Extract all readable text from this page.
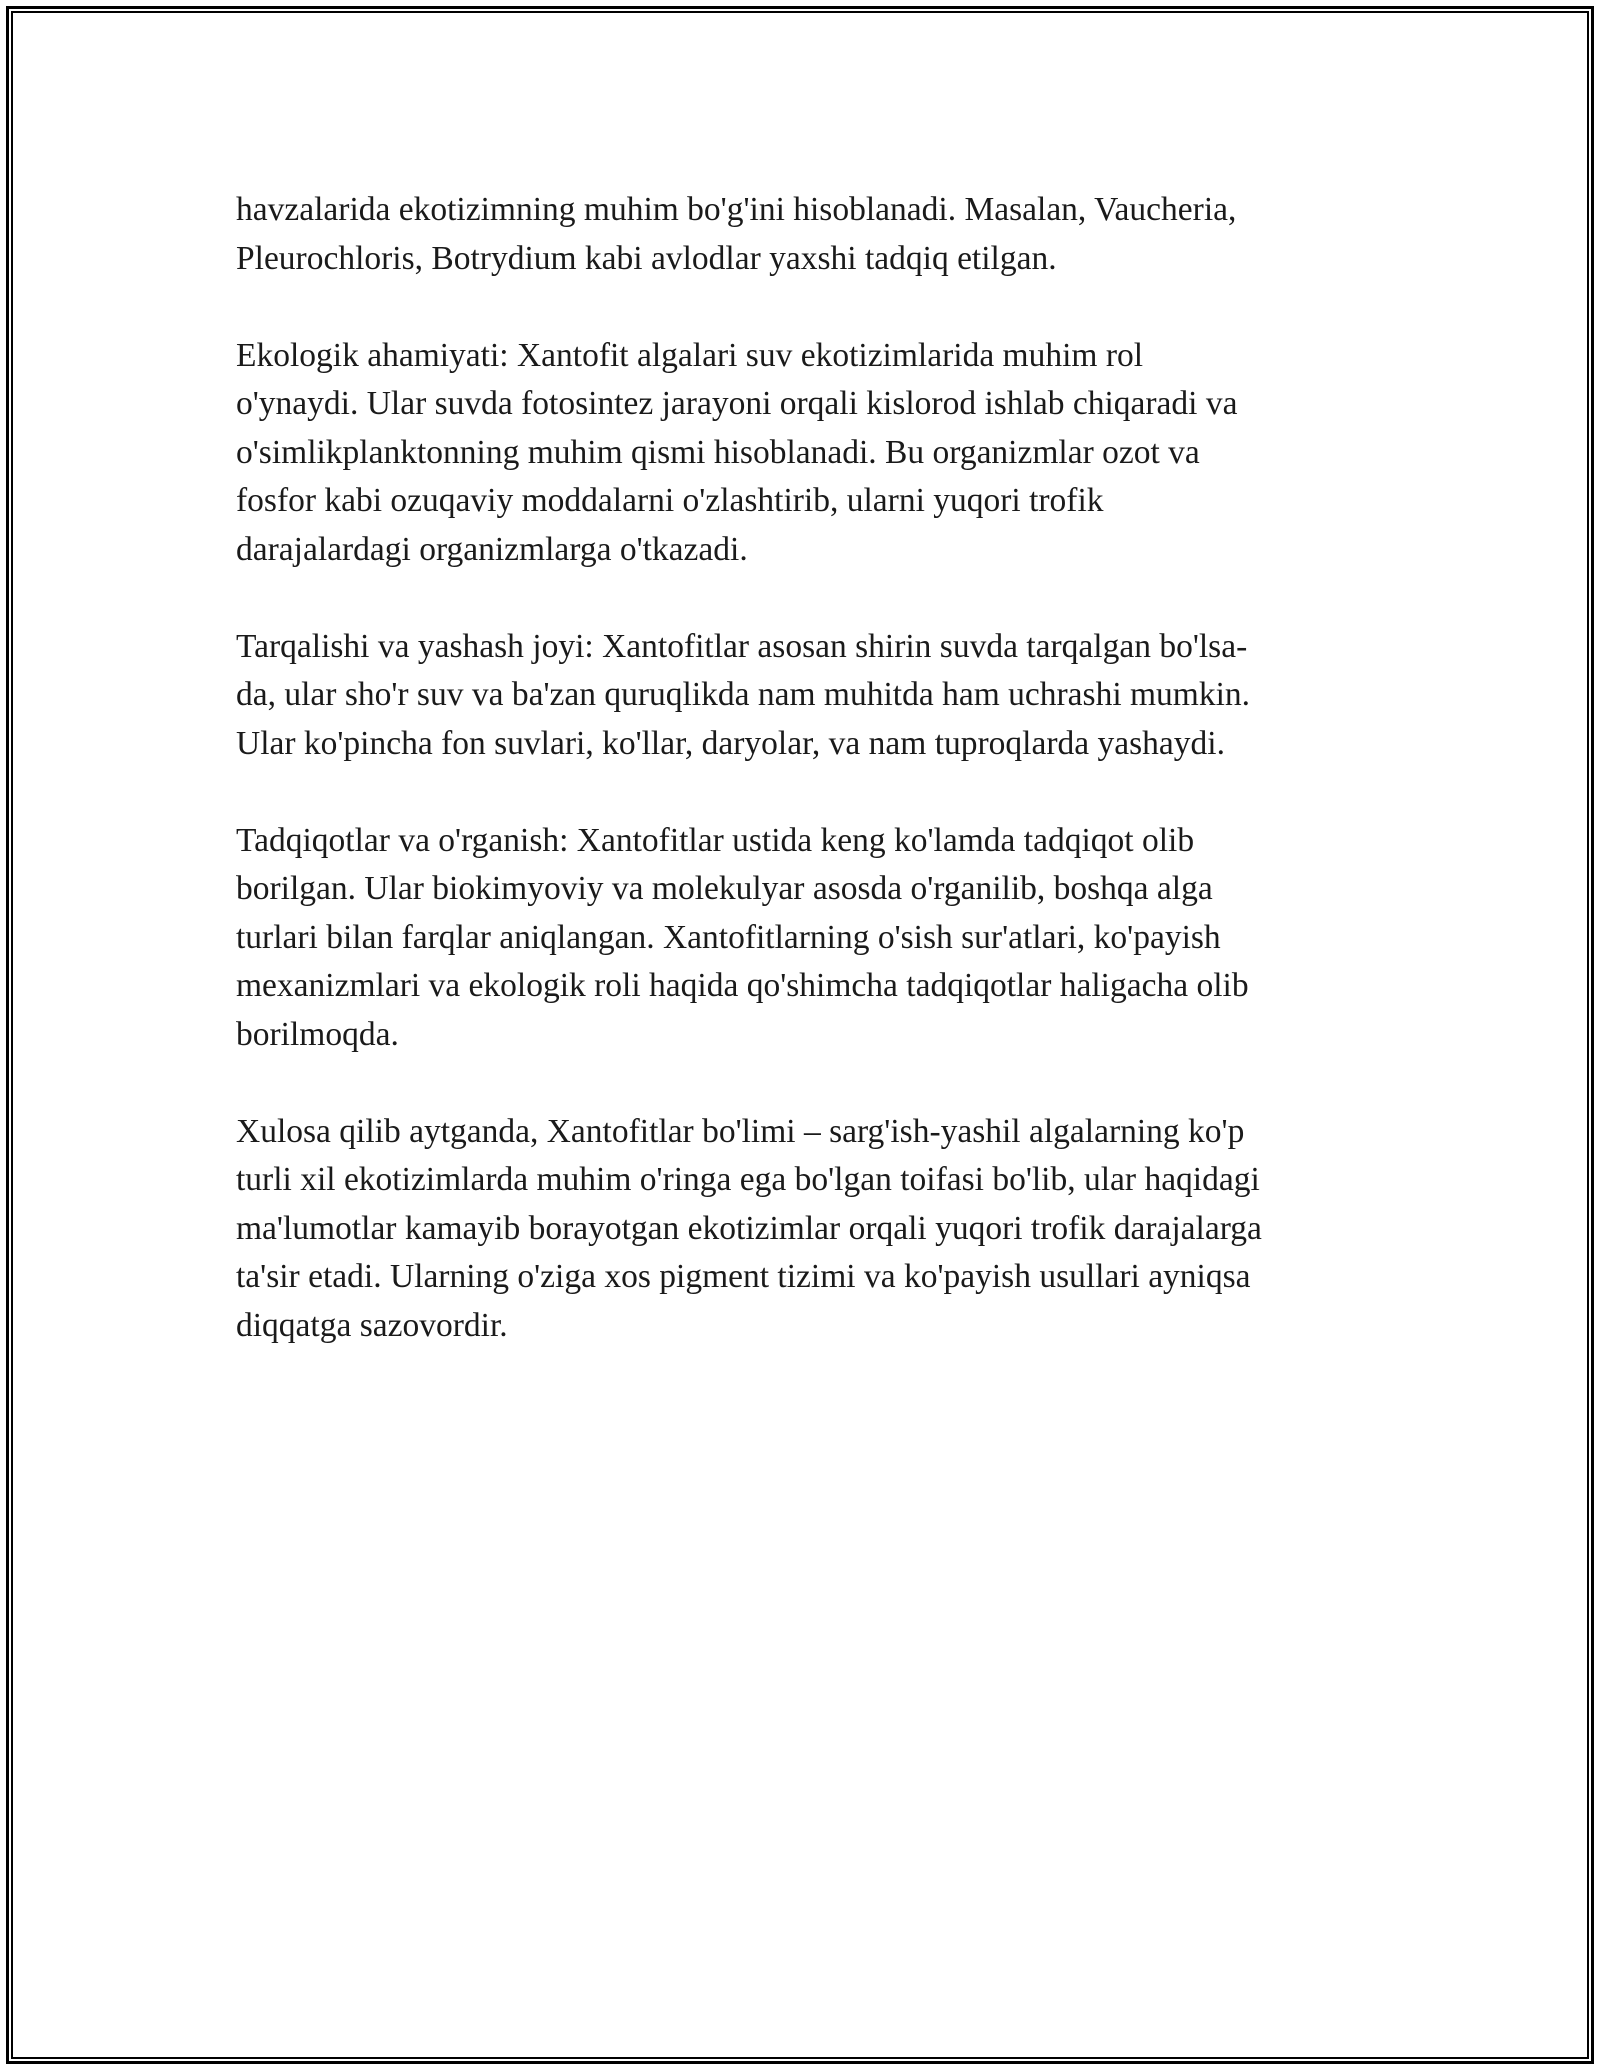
havzalarida ekotizimning muhim bo'g'ini hisoblanadi. Masalan, Vaucheria,
Pleurochloris, Botrydium kabi avlodlar yaxshi tadqiq etilgan.

Ekologik ahamiyati: Xantofit algalari suv ekotizimlarida muhim rol
o'ynaydi. Ular suvda fotosintez jarayoni orqali kislorod ishlab chiqaradi va
o'simlikplanktonning muhim qismi hisoblanadi. Bu organizmlar ozot va
fosfor kabi ozuqaviy moddalarni o'zlashtirib, ularni yuqori trofik
darajalardagi organizmlarga o'tkazadi.

Tarqalishi va yashash joyi: Xantofitlar asosan shirin suvda tarqalgan bo'lsa-
da, ular sho'r suv va ba'zan quruqlikda nam muhitda ham uchrashi mumkin.
Ular ko'pincha fon suvlari, ko'llar, daryolar, va nam tuproqlarda yashaydi.

Tadqiqotlar va o'rganish: Xantofitlar ustida keng ko'lamda tadqiqot olib
borilgan. Ular biokimyoviy va molekulyar asosda o'rganilib, boshqa alga
turlari bilan farqlar aniqlangan. Xantofitlarning o'sish sur'atlari, ko'payish
mexanizmlari va ekologik roli haqida qo'shimcha tadqiqotlar haligacha olib
borilmoqda.

Xulosa qilib aytganda, Xantofitlar bo'limi – sarg'ish-yashil algalarning ko'p
turli xil ekotizimlarda muhim o'ringa ega bo'lgan toifasi bo'lib, ular haqidagi
ma'lumotlar kamayib borayotgan ekotizimlar orqali yuqori trofik darajalarga
ta'sir etadi. Ularning o'ziga xos pigment tizimi va ko'payish usullari ayniqsa
diqqatga sazovordir.
